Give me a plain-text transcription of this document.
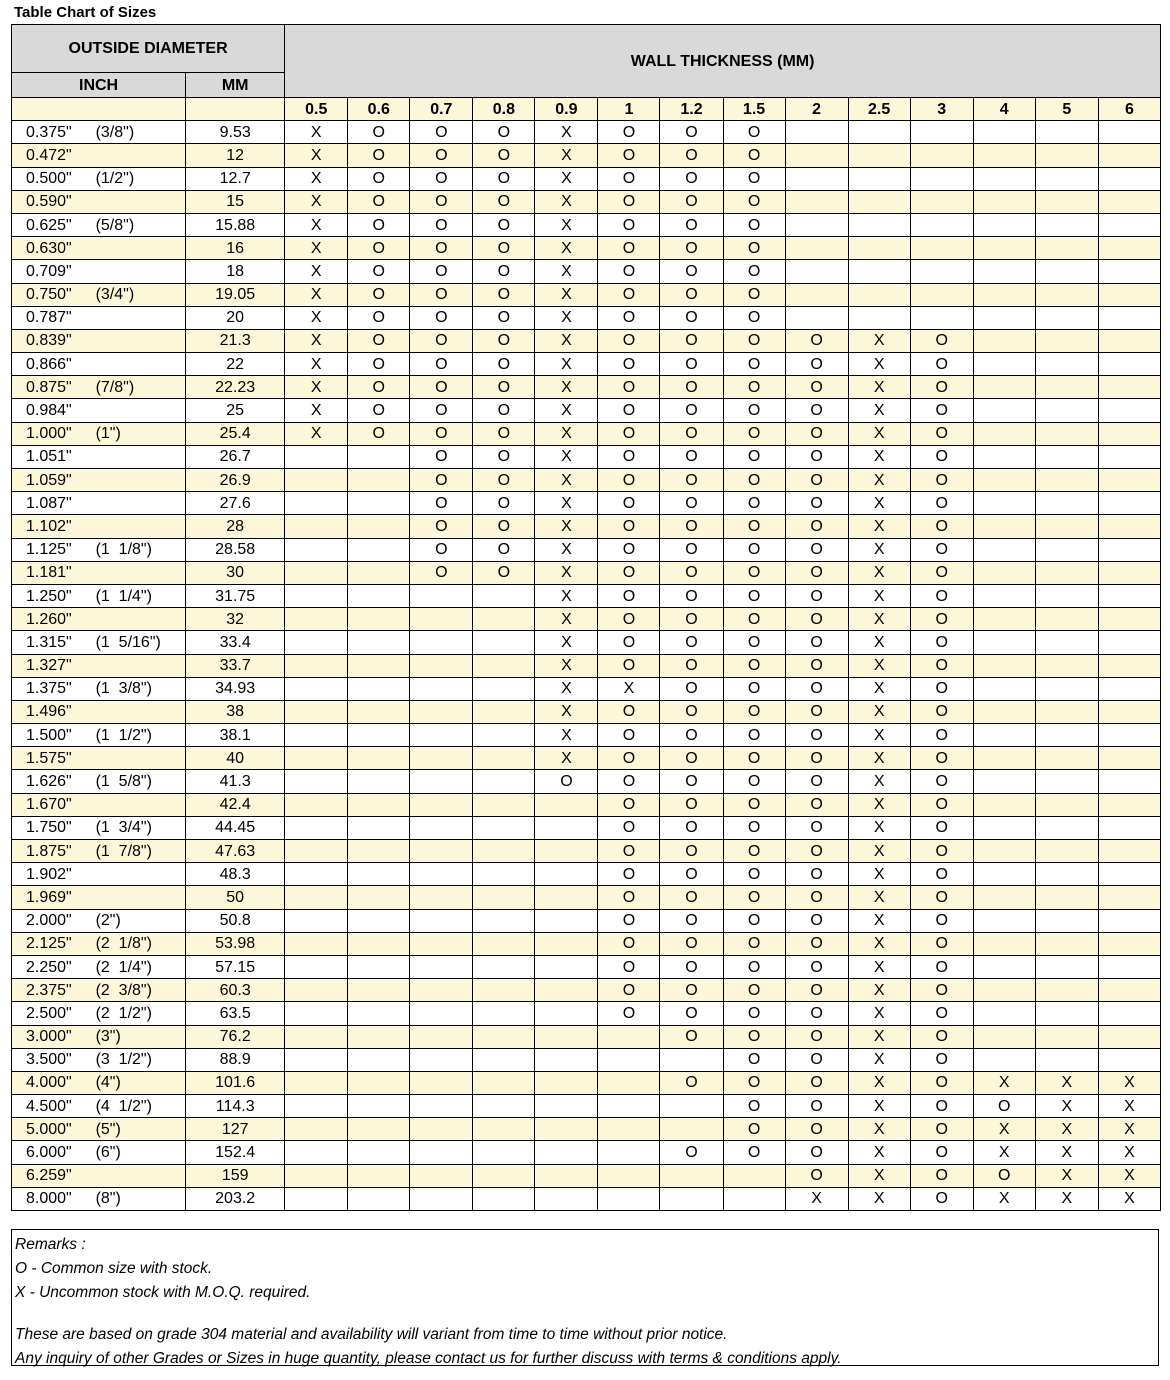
Table Chart of Sizes
OUTSIDE DIAMETER			WALL THICKNESS (MM)													
INCH		MM														
			0.5	0.6	0.7	0.8	0.9	1	1.2	1.5	2	2.5	3	4	5	6
0.375"	(3/8")	9.53	X	O	O	O	X	O	O	O						
0.472"		12	X	O	O	O	X	O	O	O						
0.500"	(1/2")	12.7	X	O	O	O	X	O	O	O						
0.590"		15	X	O	O	O	X	O	O	O						
0.625"	(5/8")	15.88	X	O	O	O	X	O	O	O						
0.630"		16	X	O	O	O	X	O	O	O						
0.709"		18	X	O	O	O	X	O	O	O						
0.750"	(3/4")	19.05	X	O	O	O	X	O	O	O						
0.787"		20	X	O	O	O	X	O	O	O						
0.839"		21.3	X	O	O	O	X	O	O	O	O	X	O			
0.866"		22	X	O	O	O	X	O	O	O	O	X	O			
0.875"	(7/8")	22.23	X	O	O	O	X	O	O	O	O	X	O			
0.984"		25	X	O	O	O	X	O	O	O	O	X	O			
1.000"	(1")	25.4	X	O	O	O	X	O	O	O	O	X	O			
1.051"		26.7			O	O	X	O	O	O	O	X	O			
1.059"		26.9			O	O	X	O	O	O	O	X	O			
1.087"		27.6			O	O	X	O	O	O	O	X	O			
1.102"		28			O	O	X	O	O	O	O	X	O			
1.125"	(1  1/8")	28.58			O	O	X	O	O	O	O	X	O			
1.181"		30			O	O	X	O	O	O	O	X	O			
1.250"	(1  1/4")	31.75					X	O	O	O	O	X	O			
1.260"		32					X	O	O	O	O	X	O			
1.315"	(1  5/16")	33.4					X	O	O	O	O	X	O			
1.327"		33.7					X	O	O	O	O	X	O			
1.375"	(1  3/8")	34.93					X	X	O	O	O	X	O			
1.496"		38					X	O	O	O	O	X	O			
1.500"	(1  1/2")	38.1					X	O	O	O	O	X	O			
1.575"		40					X	O	O	O	O	X	O			
1.626"	(1  5/8")	41.3					O	O	O	O	O	X	O			
1.670"		42.4						O	O	O	O	X	O			
1.750"	(1  3/4")	44.45						O	O	O	O	X	O			
1.875"	(1  7/8")	47.63						O	O	O	O	X	O			
1.902"		48.3						O	O	O	O	X	O			
1.969"		50						O	O	O	O	X	O			
2.000"	(2")	50.8						O	O	O	O	X	O			
2.125"	(2  1/8")	53.98						O	O	O	O	X	O			
2.250"	(2  1/4")	57.15						O	O	O	O	X	O			
2.375"	(2  3/8")	60.3						O	O	O	O	X	O			
2.500"	(2  1/2")	63.5						O	O	O	O	X	O			
3.000"	(3")	76.2							O	O	O	X	O			
3.500"	(3  1/2")	88.9								O	O	X	O			
4.000"	(4")	101.6							O	O	O	X	O	X	X	X
4.500"	(4  1/2")	114.3								O	O	X	O	O	X	X
5.000"	(5")	127								O	O	X	O	X	X	X
6.000"	(6")	152.4							O	O	O	X	O	X	X	X
6.259"		159									O	X	O	O	X	X
8.000"	(8")	203.2									X	X	O	X	X	X
Remarks :
O - Common size with stock.
X - Uncommon stock with M.O.Q. required.
These are based on grade 304 material and availability will variant from time to time without prior notice.
Any inquiry of other Grades or Sizes in huge quantity, please contact us for further discuss with terms & conditions apply.
